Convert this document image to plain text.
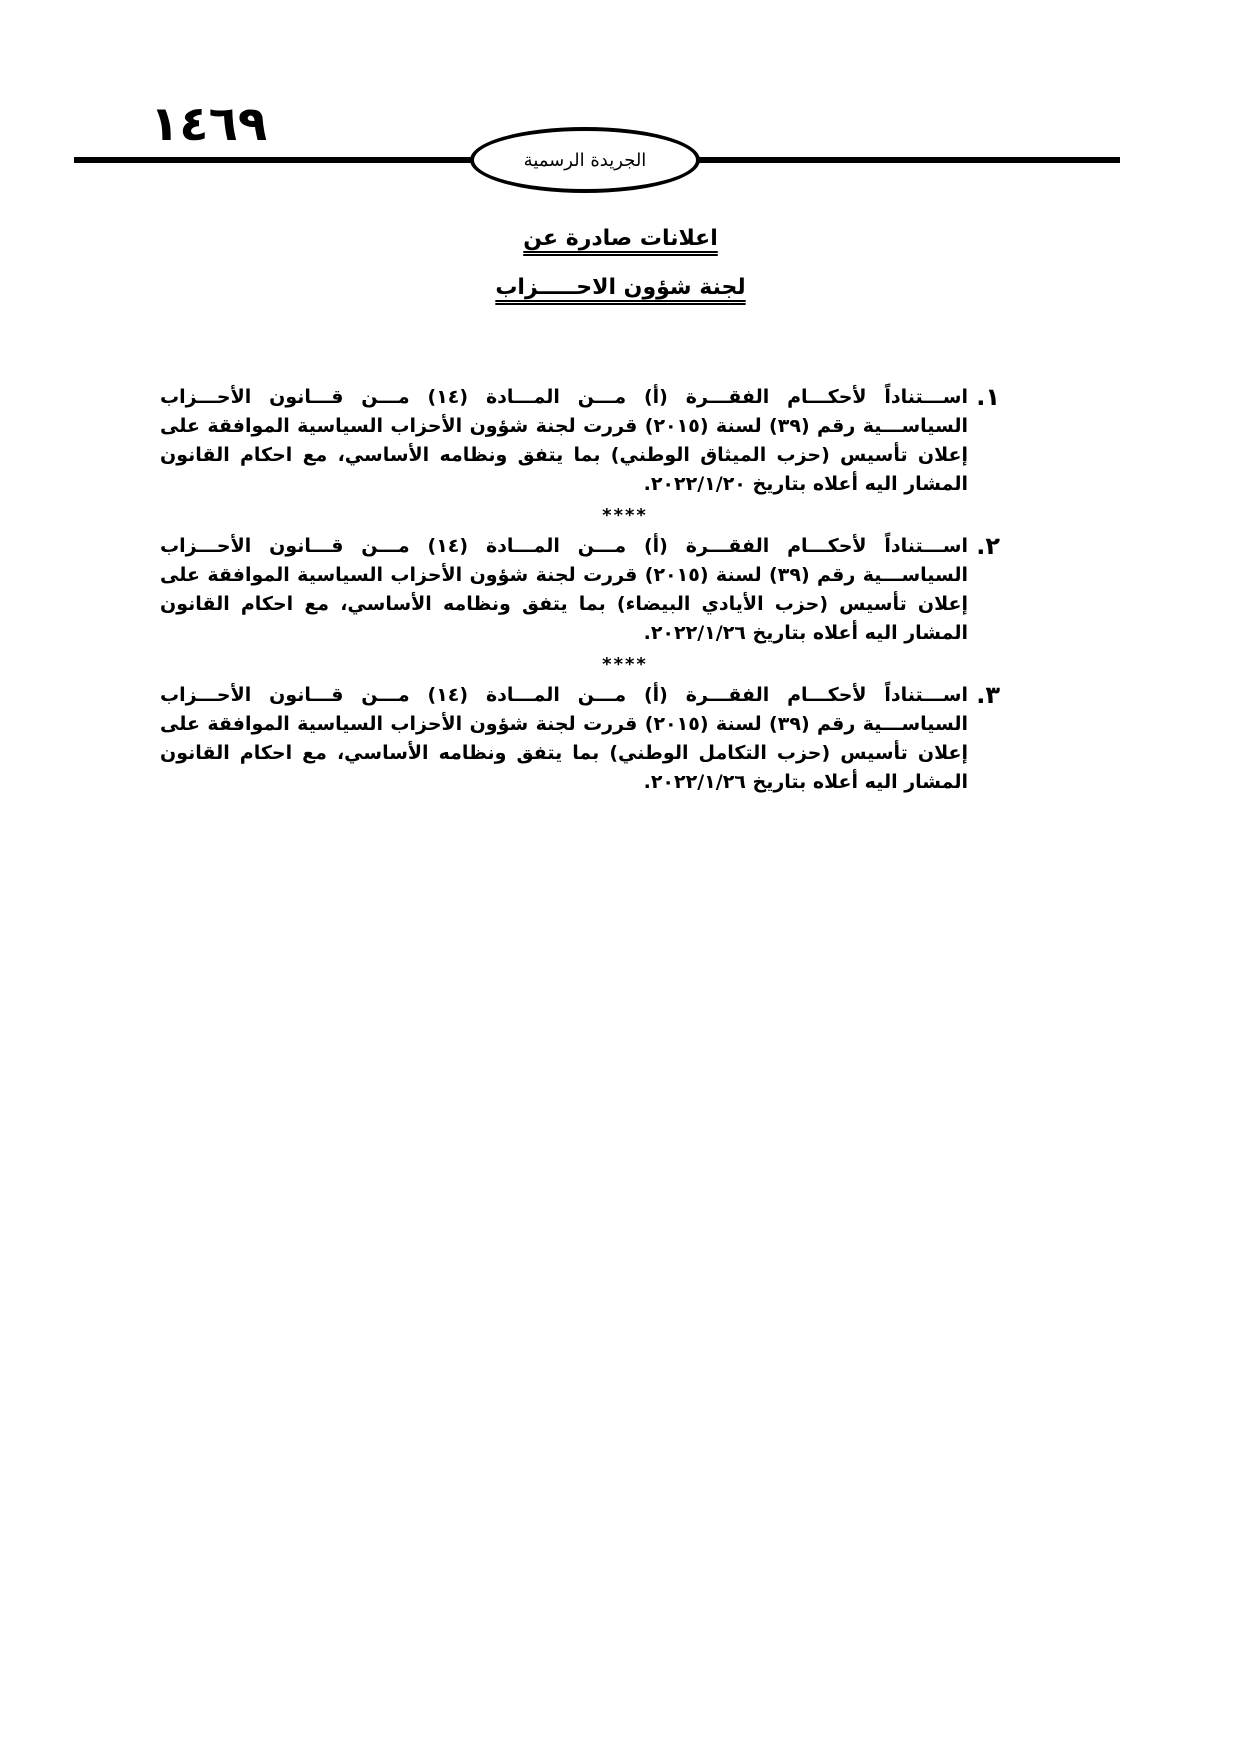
١٤٦٩
الجريدة الرسمية
اعلانات صادرة عن
لجنة شؤون الاحـــــزاب
١.
اســـتناداً لأحكـــام الفقـــرة (أ) مـــن المـــادة (١٤) مـــن قـــانون الأحـــزاب السياســـية رقم (٣٩) لسنة (٢٠١٥) قررت لجنة شؤون الأحزاب السياسية الموافقة على إعلان تأسيس (حزب الميثاق الوطني) بما يتفق ونظامه الأساسي، مع احكام القانون المشار اليه أعلاه بتاريخ ٢٠٢٢/١/٢٠.
****
٢.
اســـتناداً لأحكـــام الفقـــرة (أ) مـــن المـــادة (١٤) مـــن قـــانون الأحـــزاب السياســـية رقم (٣٩) لسنة (٢٠١٥) قررت لجنة شؤون الأحزاب السياسية الموافقة على إعلان تأسيس (حزب الأيادي البيضاء) بما يتفق ونظامه الأساسي، مع احكام القانون المشار اليه أعلاه بتاريخ ٢٠٢٢/١/٢٦.
****
٣.
اســـتناداً لأحكـــام الفقـــرة (أ) مـــن المـــادة (١٤) مـــن قـــانون الأحـــزاب السياســـية رقم (٣٩) لسنة (٢٠١٥) قررت لجنة شؤون الأحزاب السياسية الموافقة على إعلان تأسيس (حزب التكامل الوطني) بما يتفق ونظامه الأساسي، مع احكام القانون المشار اليه أعلاه بتاريخ ٢٠٢٢/١/٢٦.
